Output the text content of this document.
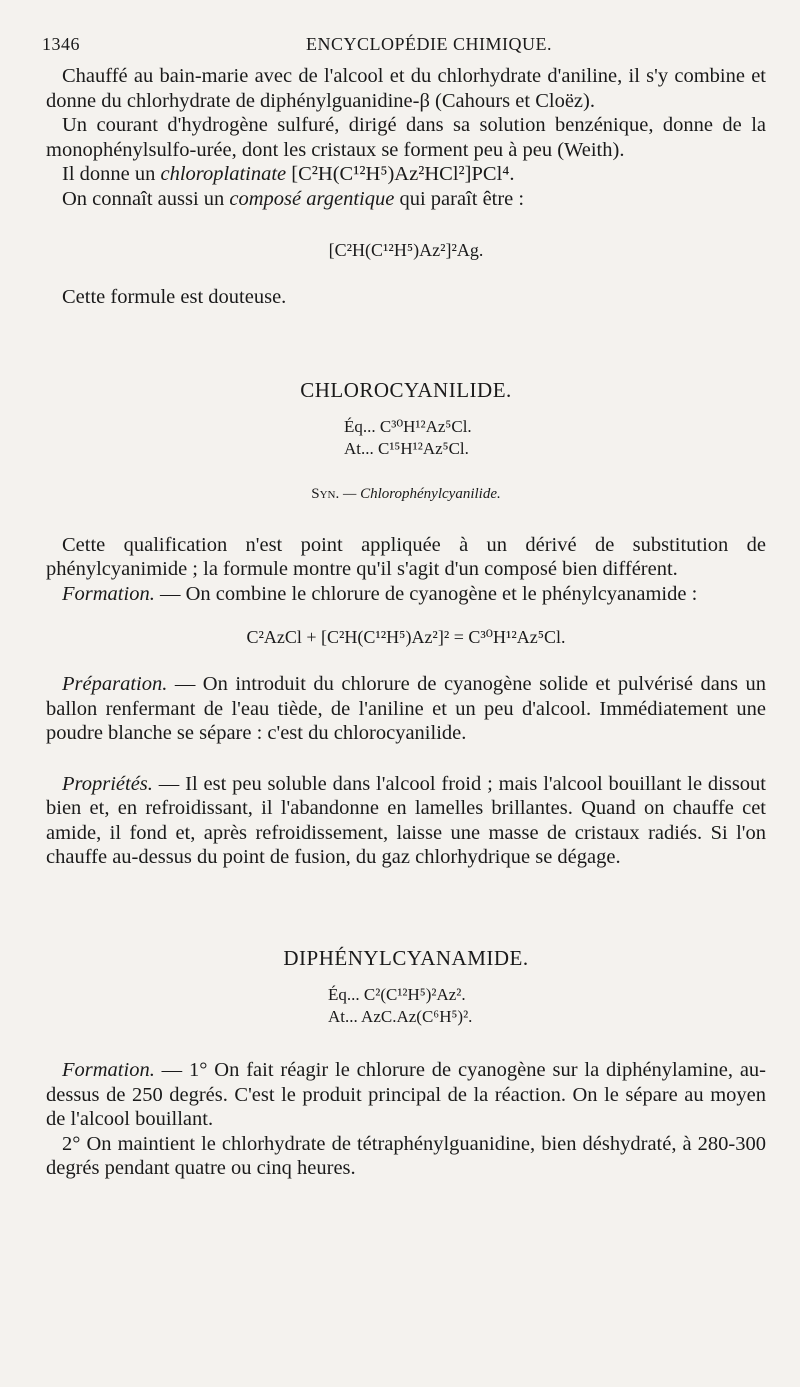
1346	ENCYCLOPÉDIE CHIMIQUE.

Chauffé au bain-marie avec de l'alcool et du chlorhydrate d'aniline, il s'y combine et donne du chlorhydrate de diphénylguanidine-β (Cahours et Cloëz).

Un courant d'hydrogène sulfuré, dirigé dans sa solution benzénique, donne de la monophénylsulfo-urée, dont les cristaux se forment peu à peu (Weith).

Il donne un chloroplatinate [C²H(C¹²H⁵)Az²HCl²]PCl⁴.

On connaît aussi un composé argentique qui paraît être :

[C²H(C¹²H⁵)Az²]²Ag.

Cette formule est douteuse.

CHLOROCYANILIDE.

Éq... C³⁰H¹²Az⁵Cl.
At... C¹⁵H¹²Az⁵Cl.

Syn. — Chlorophénylcyanilide.

Cette qualification n'est point appliquée à un dérivé de substitution de phénylcyanimide ; la formule montre qu'il s'agit d'un composé bien différent.

Formation. — On combine le chlorure de cyanogène et le phénylcyanamide :

C²AzCl + [C²H(C¹²H⁵)Az²]² = C³⁰H¹²Az⁵Cl.

Préparation. — On introduit du chlorure de cyanogène solide et pulvérisé dans un ballon renfermant de l'eau tiède, de l'aniline et un peu d'alcool. Immédiatement une poudre blanche se sépare : c'est du chlorocyanilide.

Propriétés. — Il est peu soluble dans l'alcool froid ; mais l'alcool bouillant le dissout bien et, en refroidissant, il l'abandonne en lamelles brillantes. Quand on chauffe cet amide, il fond et, après refroidissement, laisse une masse de cristaux radiés. Si l'on chauffe au-dessus du point de fusion, du gaz chlorhydrique se dégage.

DIPHÉNYLCYANAMIDE.

Éq... C²(C¹²H⁵)²Az².
At... AzC.Az(C⁶H⁵)².

Formation. — 1° On fait réagir le chlorure de cyanogène sur la diphénylamine, au-dessus de 250 degrés. C'est le produit principal de la réaction. On le sépare au moyen de l'alcool bouillant.

2° On maintient le chlorhydrate de tétraphénylguanidine, bien déshydraté, à 280-300 degrés pendant quatre ou cinq heures.
